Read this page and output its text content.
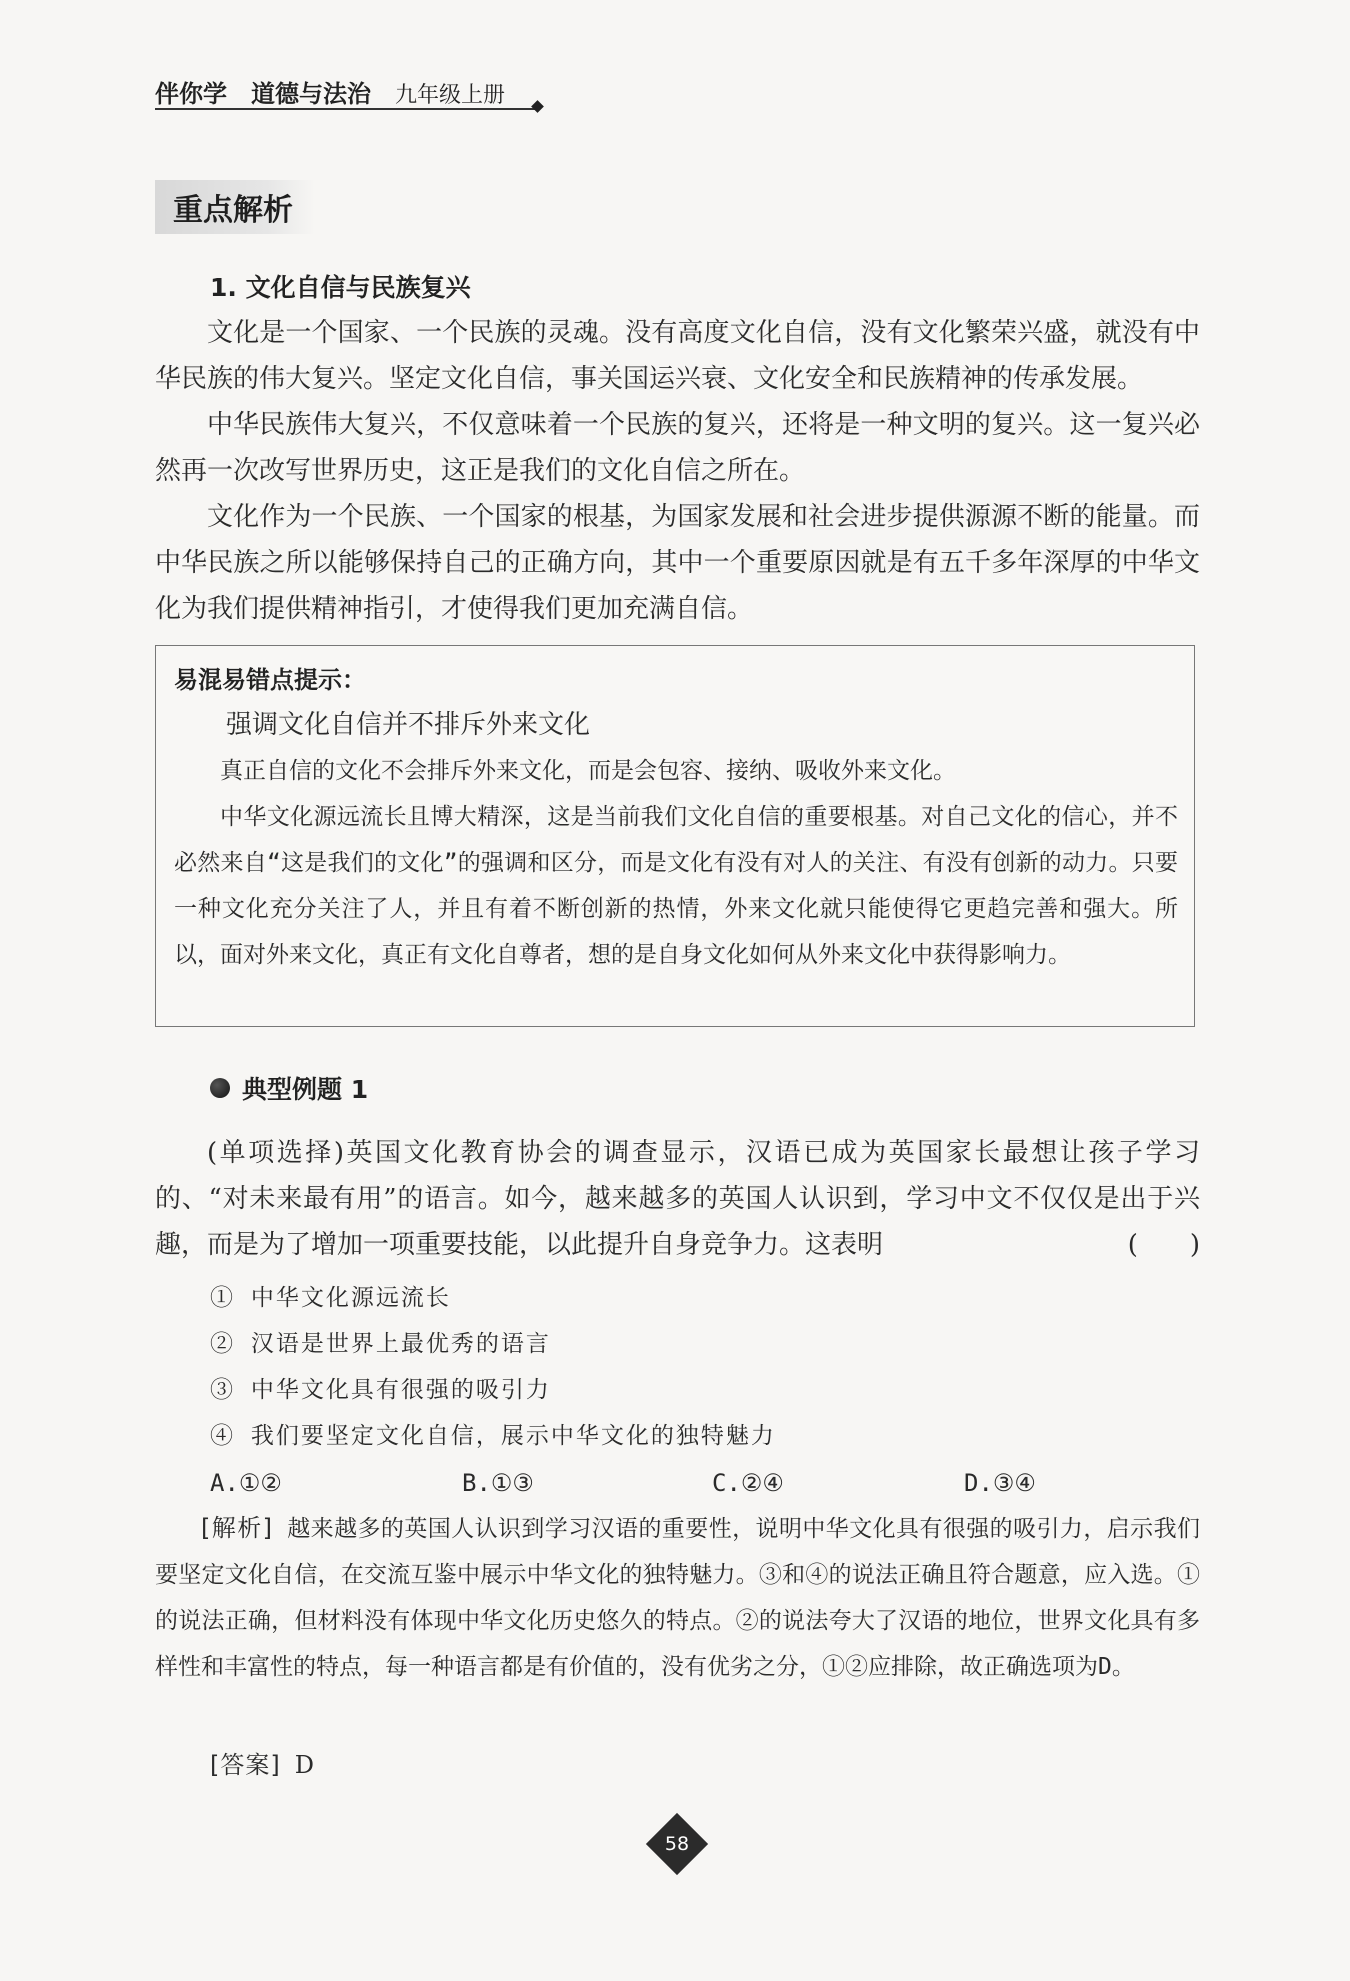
伴你学 道德与法治 九年级上册
重点解析
1. 文化自信与民族复兴
文化是一个国家、一个民族的灵魂。没有高度文化自信，没有文化繁荣兴盛，就没有中华民族的伟大复兴。坚定文化自信，事关国运兴衰、文化安全和民族精神的传承发展。
中华民族伟大复兴，不仅意味着一个民族的复兴，还将是一种文明的复兴。这一复兴必然再一次改写世界历史，这正是我们的文化自信之所在。
文化作为一个民族、一个国家的根基，为国家发展和社会进步提供源源不断的能量。而中华民族之所以能够保持自己的正确方向，其中一个重要原因就是有五千多年深厚的中华文化为我们提供精神指引，才使得我们更加充满自信。
易混易错点提示：
强调文化自信并不排斥外来文化
真正自信的文化不会排斥外来文化，而是会包容、接纳、吸收外来文化。
中华文化源远流长且博大精深，这是当前我们文化自信的重要根基。对自己文化的信心，并不必然来自“这是我们的文化”的强调和区分，而是文化有没有对人的关注、有没有创新的动力。只要一种文化充分关注了人，并且有着不断创新的热情，外来文化就只能使得它更趋完善和强大。所以，面对外来文化，真正有文化自尊者，想的是自身文化如何从外来文化中获得影响力。
典型例题 1
(单项选择)英国文化教育协会的调查显示，汉语已成为英国家长最想让孩子学习的、“对未来最有用”的语言。如今，越来越多的英国人认识到，学习中文不仅仅是出于兴趣，而是为了增加一项重要技能，以此提升自身竞争力。这表明	(　　)
① 中华文化源远流长
② 汉语是世界上最优秀的语言
③ 中华文化具有很强的吸引力
④ 我们要坚定文化自信，展示中华文化的独特魅力
A.①②	B.①③	C.②④	D.③④
[解析] 越来越多的英国人认识到学习汉语的重要性，说明中华文化具有很强的吸引力，启示我们要坚定文化自信，在交流互鉴中展示中华文化的独特魅力。③和④的说法正确且符合题意，应入选。①的说法正确，但材料没有体现中华文化历史悠久的特点。②的说法夸大了汉语的地位，世界文化具有多样性和丰富性的特点，每一种语言都是有价值的，没有优劣之分，①②应排除，故正确选项为D。
[答案] D
58
